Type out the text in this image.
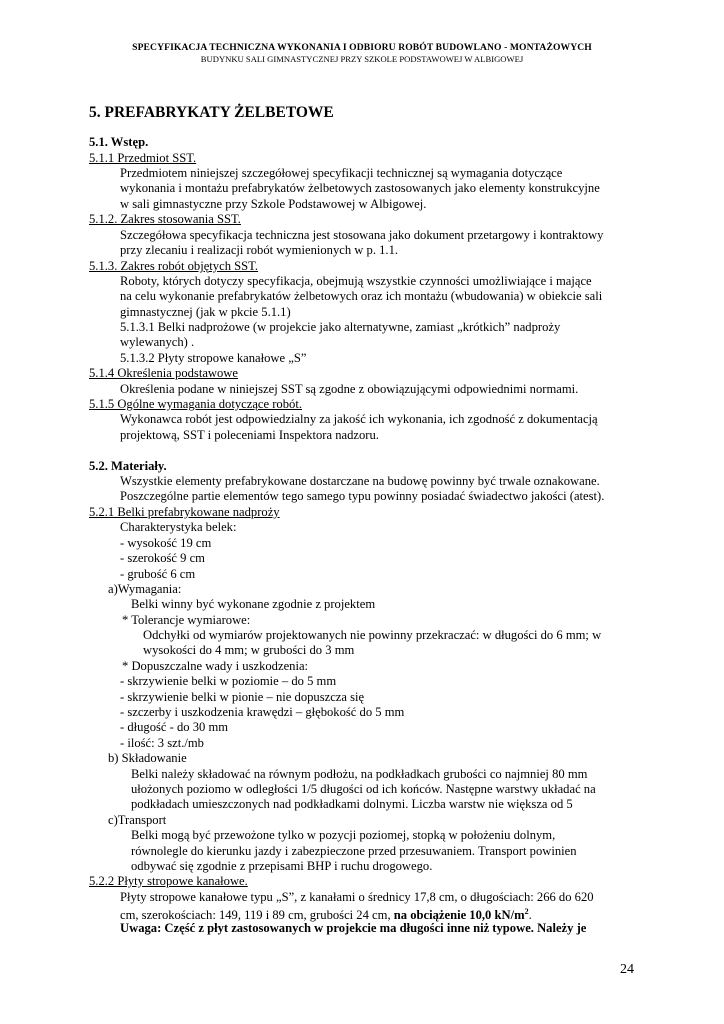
SPECYFIKACJA TECHNICZNA WYKONANIA I ODBIORU ROBÓT BUDOWLANO - MONTAŻOWYCH
BUDYNKU SALI GIMNASTYCZNEJ PRZY SZKOLE PODSTAWOWEJ W ALBIGOWEJ
5. PREFABRYKATY ŻELBETOWE
5.1. Wstęp.
5.1.1 Przedmiot SST.
Przedmiotem niniejszej szczegółowej specyfikacji technicznej są wymagania dotyczące
wykonania i montażu prefabrykatów żelbetowych zastosowanych jako elementy konstrukcyjne
w sali gimnastyczne przy Szkole Podstawowej w Albigowej.
5.1.2. Zakres stosowania SST.
Szczegółowa specyfikacja techniczna jest stosowana jako dokument przetargowy i kontraktowy
przy zlecaniu i realizacji robót wymienionych w p. 1.1.
5.1.3. Zakres robót objętych SST.
Roboty, których dotyczy specyfikacja, obejmują wszystkie czynności umożliwiające i mające
na celu wykonanie prefabrykatów żelbetowych oraz ich montażu (wbudowania) w obiekcie sali
gimnastycznej (jak w pkcie 5.1.1)
5.1.3.1 Belki nadprożowe (w projekcie jako alternatywne, zamiast „krótkich” nadproży
wylewanych) .
5.1.3.2 Płyty stropowe kanałowe „S”
5.1.4 Określenia podstawowe
Określenia podane w niniejszej SST są zgodne z obowiązującymi odpowiednimi normami.
5.1.5 Ogólne wymagania dotyczące robót.
Wykonawca robót jest odpowiedzialny za jakość ich wykonania, ich zgodność z dokumentacją
projektową, SST i poleceniami Inspektora nadzoru.
5.2. Materiały.
Wszystkie elementy prefabrykowane dostarczane na budowę powinny być trwale oznakowane.
Poszczególne partie elementów tego samego typu powinny posiadać świadectwo jakości (atest).
5.2.1 Belki prefabrykowane nadproży
Charakterystyka belek:
- wysokość 19 cm
- szerokość 9 cm
- grubość 6 cm
a)Wymagania:
Belki winny być wykonane zgodnie z projektem
* Tolerancje wymiarowe:
Odchyłki od wymiarów projektowanych nie powinny przekraczać: w długości do 6 mm; w
wysokości do 4 mm; w grubości do 3 mm
* Dopuszczalne wady i uszkodzenia:
- skrzywienie belki w poziomie – do 5 mm
- skrzywienie belki w pionie – nie dopuszcza się
- szczerby i uszkodzenia krawędzi – głębokość do 5 mm
- długość - do 30 mm
- ilość: 3 szt./mb
b) Składowanie
Belki należy składować na równym podłożu, na podkładkach grubości co najmniej 80 mm
ułożonych poziomo w odległości 1/5 długości od ich końców. Następne warstwy układać na
podkładach umieszczonych nad podkładkami dolnymi. Liczba warstw nie większa od 5
c)Transport
Belki mogą być przewożone tylko w pozycji poziomej, stopką w położeniu dolnym,
równolegle do kierunku jazdy i zabezpieczone przed przesuwaniem. Transport powinien
odbywać się zgodnie z przepisami BHP i ruchu drogowego.
5.2.2 Płyty stropowe kanałowe.
Płyty stropowe kanałowe typu „S”, z kanałami o średnicy 17,8 cm, o długościach: 266 do 620
Uwaga: Część z płyt zastosowanych w projekcie ma długości inne niż typowe. Należy je
cm, szerokościach: 149, 119 i 89 cm, grubości 24 cm, na obciążenie 10,0 $kN/m^2$.
24
